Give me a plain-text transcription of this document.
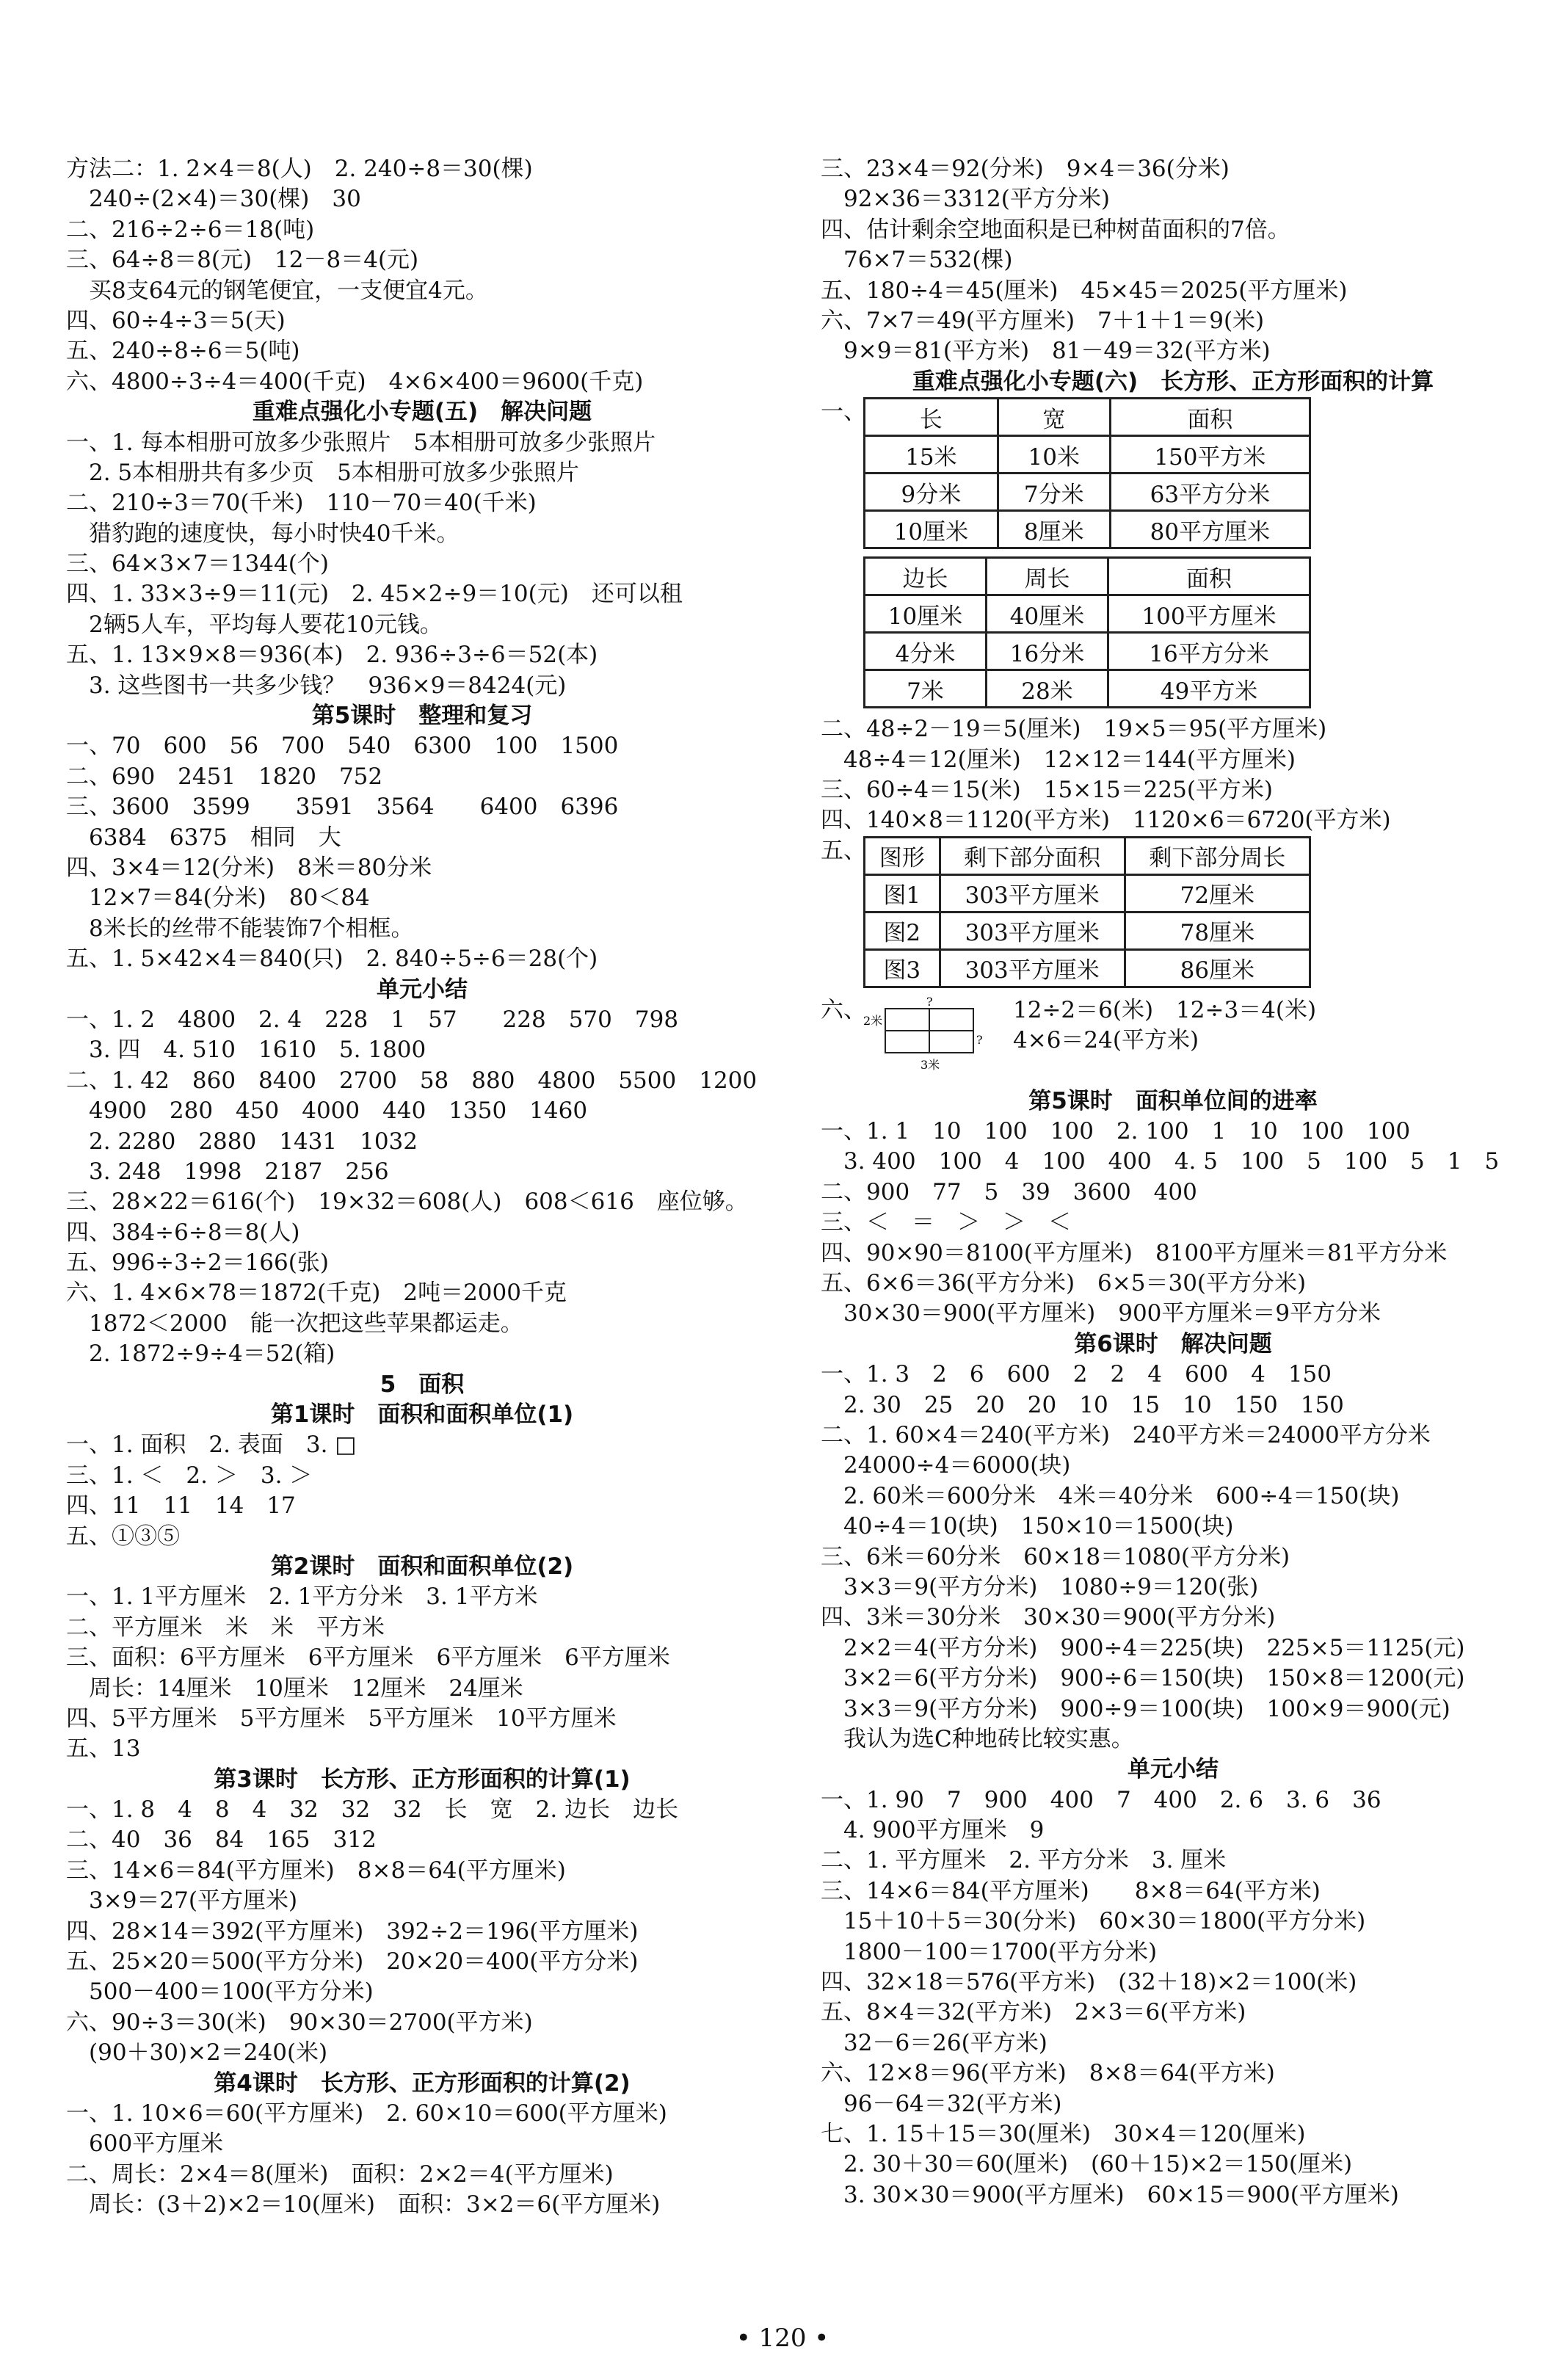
方法二：1. 2×4＝8(人)　2. 240÷8＝30(棵)
　240÷(2×4)＝30(棵)　30
二、216÷2÷6＝18(吨)
三、64÷8＝8(元)　12－8＝4(元)
　买8支64元的钢笔便宜，一支便宜4元。
四、60÷4÷3＝5(天)
五、240÷8÷6＝5(吨)
六、4800÷3÷4＝400(千克)　4×6×400＝9600(千克)
重难点强化小专题(五)　解决问题
一、1. 每本相册可放多少张照片　5本相册可放多少张照片
　2. 5本相册共有多少页　5本相册可放多少张照片
二、210÷3＝70(千米)　110－70＝40(千米)
　猎豹跑的速度快，每小时快40千米。
三、64×3×7＝1344(个)
四、1. 33×3÷9＝11(元)　2. 45×2÷9＝10(元)　还可以租
　2辆5人车，平均每人要花10元钱。
五、1. 13×9×8＝936(本)　2. 936÷3÷6＝52(本)
　3. 这些图书一共多少钱？　936×9＝8424(元)
第5课时　整理和复习
一、70　600　56　700　540　6300　100　1500
二、690　2451　1820　752
三、3600　3599　　3591　3564　　6400　6396
　6384　6375　相同　大
四、3×4＝12(分米)　8米＝80分米
　12×7＝84(分米)　80＜84
　8米长的丝带不能装饰7个相框。
五、1. 5×42×4＝840(只)　2. 840÷5÷6＝28(个)
单元小结
一、1. 2　4800　2. 4　228　1　57　　228　570　798
　3. 四　4. 510　1610　5. 1800
二、1. 42　860　8400　2700　58　880　4800　5500　1200
　4900　280　450　4000　440　1350　1460
　2. 2280　2880　1431　1032
　3. 248　1998　2187　256
三、28×22＝616(个)　19×32＝608(人)　608＜616　座位够。
四、384÷6÷8＝8(人)
五、996÷3÷2＝166(张)
六、1. 4×6×78＝1872(千克)　2吨＝2000千克
　1872＜2000　能一次把这些苹果都运走。
　2. 1872÷9÷4＝52(箱)
5　面积
第1课时　面积和面积单位(1)
一、1. 面积　2. 表面　3. □
三、1. ＜　2. ＞　3. ＞
四、11　11　14　17
五、①③⑤
第2课时　面积和面积单位(2)
一、1. 1平方厘米　2. 1平方分米　3. 1平方米
二、平方厘米　米　米　平方米
三、面积：6平方厘米　6平方厘米　6平方厘米　6平方厘米
　周长：14厘米　10厘米　12厘米　24厘米
四、5平方厘米　5平方厘米　5平方厘米　10平方厘米
五、13
第3课时　长方形、正方形面积的计算(1)
一、1. 8　4　8　4　32　32　32　长　宽　2. 边长　边长
二、40　36　84　165　312
三、14×6＝84(平方厘米)　8×8＝64(平方厘米)
　3×9＝27(平方厘米)
四、28×14＝392(平方厘米)　392÷2＝196(平方厘米)
五、25×20＝500(平方分米)　20×20＝400(平方分米)
　500－400＝100(平方分米)
六、90÷3＝30(米)　90×30＝2700(平方米)
　(90＋30)×2＝240(米)
第4课时　长方形、正方形面积的计算(2)
一、1. 10×6＝60(平方厘米)　2. 60×10＝600(平方厘米)
　600平方厘米
二、周长：2×4＝8(厘米)　面积：2×2＝4(平方厘米)
　周长：(3＋2)×2＝10(厘米)　面积：3×2＝6(平方厘米)
三、23×4＝92(分米)　9×4＝36(分米)
　92×36＝3312(平方分米)
四、估计剩余空地面积是已种树苗面积的7倍。
　76×7＝532(棵)
五、180÷4＝45(厘米)　45×45＝2025(平方厘米)
六、7×7＝49(平方厘米)　7＋1＋1＝9(米)
　9×9＝81(平方米)　81－49＝32(平方米)
重难点强化小专题(六)　长方形、正方形面积的计算
一、 长	宽	面积
15米	10米	150平方米
9分米	7分米	63平方分米
10厘米	8厘米	80平方厘米
边长	周长	面积
10厘米	40厘米	100平方厘米
4分米	16分米	16平方分米
7米	28米	49平方米
二、48÷2－19＝5(厘米)　19×5＝95(平方厘米)
　48÷4＝12(厘米)　12×12＝144(平方厘米)
三、60÷4＝15(米)　15×15＝225(平方米)
四、140×8＝1120(平方米)　1120×6＝6720(平方米)
五、 图形	剩下部分面积	剩下部分周长
图1	303平方厘米	72厘米
图2	303平方厘米	78厘米
图3	303平方厘米	86厘米
六、	?
2米
?
3米
12÷2＝6(米)　12÷3＝4(米)
4×6＝24(平方米)
第5课时　面积单位间的进率
一、1. 1　10　100　100　2. 100　1　10　100　100
　3. 400　100　4　100　400　4. 5　100　5　100　5　1　5
二、900　77　5　39　3600　400
三、＜　＝　＞　＞　＜
四、90×90＝8100(平方厘米)　8100平方厘米＝81平方分米
五、6×6＝36(平方分米)　6×5＝30(平方分米)
　30×30＝900(平方厘米)　900平方厘米＝9平方分米
第6课时　解决问题
一、1. 3　2　6　600　2　2　4　600　4　150
　2. 30　25　20　20　10　15　10　150　150
二、1. 60×4＝240(平方米)　240平方米＝24000平方分米
　24000÷4＝6000(块)
　2. 60米＝600分米　4米＝40分米　600÷4＝150(块)
　40÷4＝10(块)　150×10＝1500(块)
三、6米＝60分米　60×18＝1080(平方分米)
　3×3＝9(平方分米)　1080÷9＝120(张)
四、3米＝30分米　30×30＝900(平方分米)
　2×2＝4(平方分米)　900÷4＝225(块)　225×5＝1125(元)
　3×2＝6(平方分米)　900÷6＝150(块)　150×8＝1200(元)
　3×3＝9(平方分米)　900÷9＝100(块)　100×9＝900(元)
　我认为选C种地砖比较实惠。
单元小结
一、1. 90　7　900　400　7　400　2. 6　3. 6　36
　4. 900平方厘米　9
二、1. 平方厘米　2. 平方分米　3. 厘米
三、14×6＝84(平方厘米)　　8×8＝64(平方米)
　15＋10＋5＝30(分米)　60×30＝1800(平方分米)
　1800－100＝1700(平方分米)
四、32×18＝576(平方米)　(32＋18)×2＝100(米)
五、8×4＝32(平方米)　2×3＝6(平方米)
　32－6＝26(平方米)
六、12×8＝96(平方米)　8×8＝64(平方米)
　96－64＝32(平方米)
七、1. 15＋15＝30(厘米)　30×4＝120(厘米)
　2. 30＋30＝60(厘米)　(60＋15)×2＝150(厘米)
　3. 30×30＝900(平方厘米)　60×15＝900(平方厘米)
• 120 •
